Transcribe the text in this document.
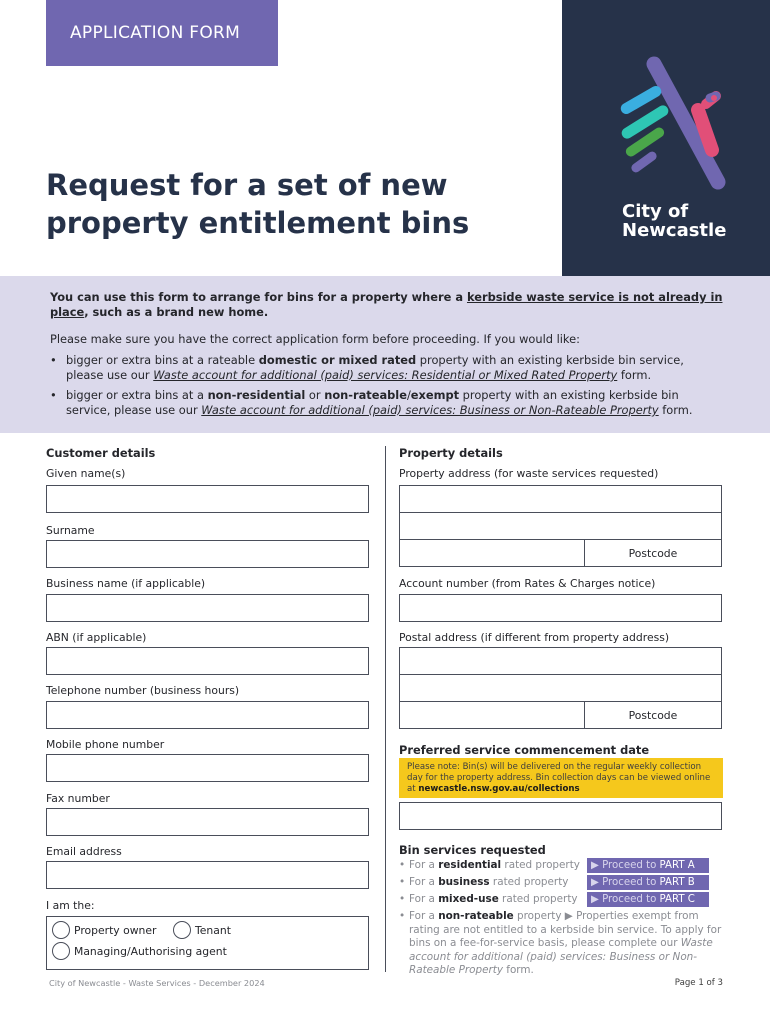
APPLICATION FORM
City of
Newcastle
Request for a set of new
property entitlement bins

You can use this form to arrange for bins for a property where a kerbside waste service is not already in place, such as a brand new home.

Please make sure you have the correct application form before proceeding. If you would like:

• bigger or extra bins at a rateable domestic or mixed rated property with an existing kerbside bin service, please use our Waste account for additional (paid) services: Residential or Mixed Rated Property form.
• bigger or extra bins at a non-residential or non-rateable/exempt property with an existing kerbside bin service, please use our Waste account for additional (paid) services: Business or Non-Rateable Property form.
Customer details
Given name(s)
Surname
Business name (if applicable)
ABN (if applicable)
Telephone number (business hours)
Mobile phone number
Fax number
Email address
I am the:
Property owner	Tenant
Managing/Authorising agent
Property details
Property address (for waste services requested)
Postcode
Account number (from Rates & Charges notice)
Postal address (if different from property address)
Postcode
Preferred service commencement date
Please note: Bin(s) will be delivered on the regular weekly collection day for the property address. Bin collection days can be viewed online at newcastle.nsw.gov.au/collections
Bin services requested
• For a residential rated property	▶ Proceed to PART A
• For a business rated property	▶ Proceed to PART B
• For a mixed-use rated property	▶ Proceed to PART C
• For a non-rateable property ▶ Properties exempt from rating are not entitled to a kerbside bin service. To apply for bins on a fee-for-service basis, please complete our Waste account for additional (paid) services: Business or Non-Rateable Property form.
City of Newcastle - Waste Services - December 2024	Page 1 of 3
